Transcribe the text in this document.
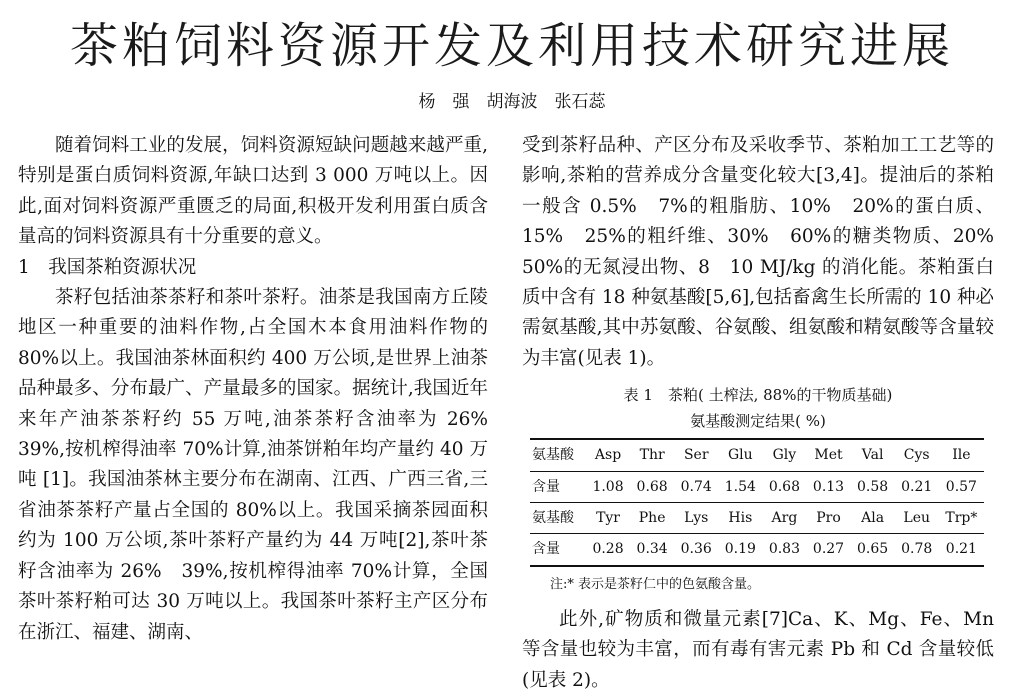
茶粕饲料资源开发及利用技术研究进展
杨　强　胡海波　张石蕊

随着饲料工业的发展，饲料资源短缺问题越来越严重,特别是蛋白质饲料资源,年缺口达到 3 000 万吨以上。因此,面对饲料资源严重匮乏的局面,积极开发利用蛋白质含量高的饲料资源具有十分重要的意义。

1　我国茶粕资源状况

茶籽包括油茶茶籽和茶叶茶籽。油茶是我国南方丘陵地区一种重要的油料作物,占全国木本食用油料作物的 80%以上。我国油茶林面积约 400 万公顷,是世界上油茶品种最多、分布最广、产量最多的国家。据统计,我国近年来年产油茶茶籽约 55 万吨,油茶茶籽含油率为 26%　39%,按机榨得油率 70%计算,油茶饼粕年均产量约 40 万吨 [1]。我国油茶林主要分布在湖南、江西、广西三省,三省油茶茶籽产量占全国的 80%以上。我国采摘茶园面积约为 100 万公顷,茶叶茶籽产量约为 44 万吨[2],茶叶茶籽含油率为 26%　39%,按机榨得油率 70%计算，全国茶叶茶籽粕可达 30 万吨以上。我国茶叶茶籽主产区分布在浙江、福建、湖南、

受到茶籽品种、产区分布及采收季节、茶粕加工工艺等的影响,茶粕的营养成分含量变化较大[3,4]。提油后的茶粕一般含 0.5%　7%的粗脂肪、10%　20%的蛋白质、15%　25%的粗纤维、30%　60%的糖类物质、20%　50%的无氮浸出物、8　10 MJ/kg 的消化能。茶粕蛋白质中含有 18 种氨基酸[5,6],包括畜禽生长所需的 10 种必需氨基酸,其中苏氨酸、谷氨酸、组氨酸和精氨酸等含量较为丰富(见表 1)。

表 1　茶粕( 土榨法, 88%的干物质基础)
氨基酸测定结果( %)
氨基酸	Asp	Thr	Ser	Glu	Gly	Met	Val	Cys	Ile
含量	1.08	0.68	0.74	1.54	0.68	0.13	0.58	0.21	0.57
氨基酸	Tyr	Phe	Lys	His	Arg	Pro	Ala	Leu	Trp*
含量	0.28	0.34	0.36	0.19	0.83	0.27	0.65	0.78	0.21
注:* 表示是茶籽仁中的色氨酸含量。

此外,矿物质和微量元素[7]Ca、K、Mg、Fe、Mn 等含量也较为丰富，而有毒有害元素 Pb 和 Cd 含量较低(见表 2)。
